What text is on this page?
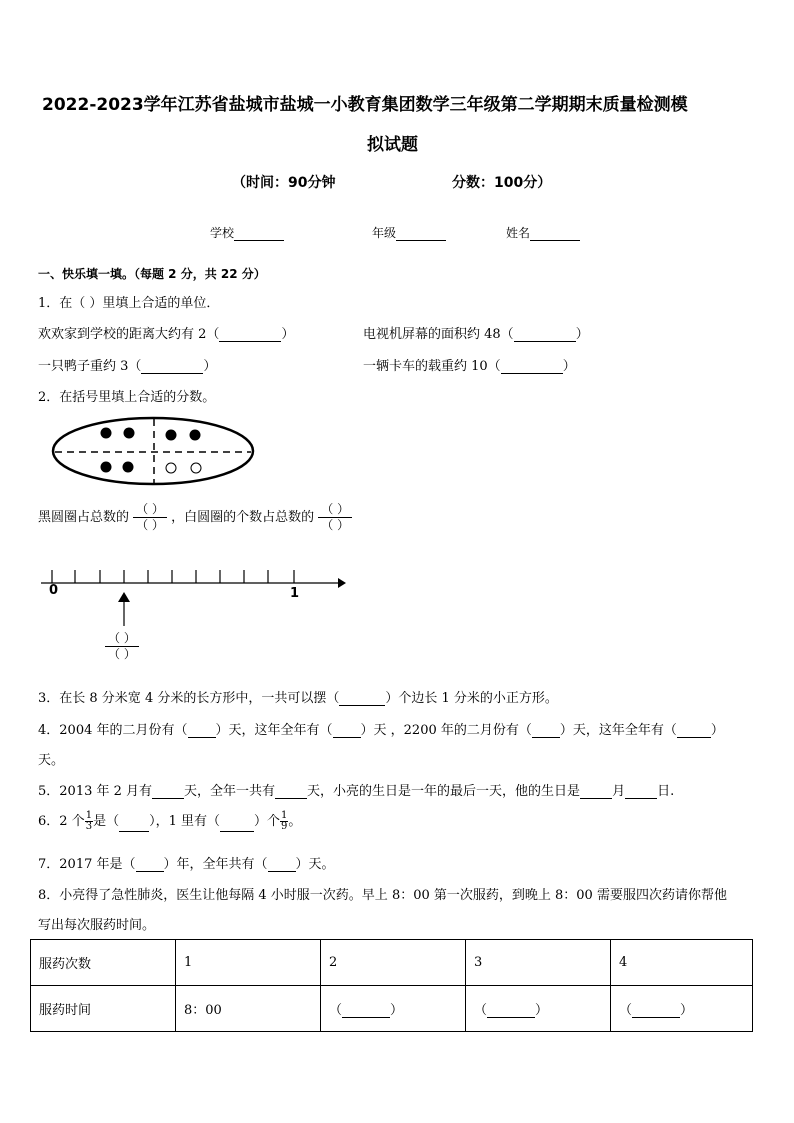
2022-2023学年江苏省盐城市盐城一小教育集团数学三年级第二学期期末质量检测模
拟试题
（时间：90分钟	分数：100分）
学校	年级	姓名
一、快乐填一填。（每题 2 分，共 22 分）
1．在（ ）里填上合适的单位．
欢欢家到学校的距离大约有 2（	）	电视机屏幕的面积约 48（	）
一只鸭子重约 3（	）	一辆卡车的载重约 10（	）
2．在括号里填上合适的分数。
黑圆圈占总数的 $\frac{( )}{( )}$ ，白圆圈的个数占总数的 $\frac{( )}{( )}$
0	1
$\frac{( )}{( )}$
3．在长 8 分米宽 4 分米的长方形中，一共可以摆（	）个边长 1 分米的小正方形。
4．2004 年的二月份有（ ）天，这年全年有（ ）天 ，2200 年的二月份有（ ）天，这年全年有（	）
天。
5．2013 年 2 月有 天，全年一共有 天，小亮的生日是一年的最后一天，他的生日是 月 日.
6．2 个 $\frac{1}{3}$ 是（ ），1 里有（	）个 $\frac{1}{9}$ 。
7．2017 年是（ ）年，全年共有（ ）天。
8．小亮得了急性肺炎，医生让他每隔 4 小时服一次药。早上 8：00 第一次服药，到晚上 8：00 需要服四次药请你帮他
写出每次服药时间。
服药次数	1	2	3	4
服药时间	8：00	（ ）	（ ）	（ ）
